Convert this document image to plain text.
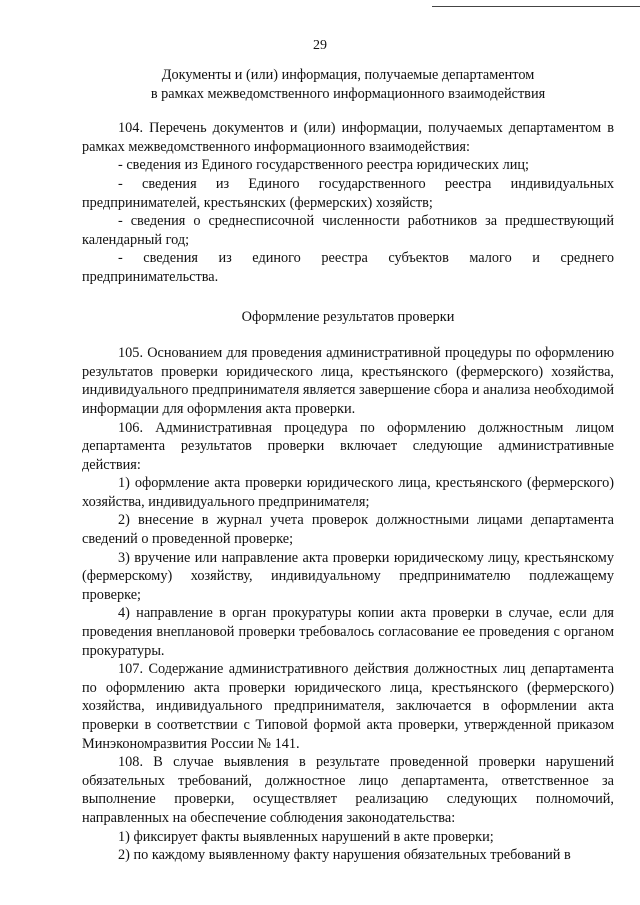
29
Документы и (или) информация, получаемые департаментом
в рамках межведомственного информационного взаимодействия

104. Перечень документов и (или) информации, получаемых департаментом в рамках межведомственного информационного взаимодействия:

- сведения из Единого государственного реестра юридических лиц;

- сведения из Единого государственного реестра индивидуальных предпринимателей, крестьянских (фермерских) хозяйств;

- сведения о среднесписочной численности работников за предшествующий календарный год;

- сведения из единого реестра субъектов малого и среднего предпринимательства.

Оформление результатов проверки

105. Основанием для проведения административной процедуры по оформлению результатов проверки юридического лица, крестьянского (фермерского) хозяйства, индивидуального предпринимателя является завершение сбора и анализа необходимой информации для оформления акта проверки.

106. Административная процедура по оформлению должностным лицом департамента результатов проверки включает следующие административные действия:

1) оформление акта проверки юридического лица, крестьянского (фермерского) хозяйства, индивидуального предпринимателя;

2) внесение в журнал учета проверок должностными лицами департамента сведений о проведенной проверке;

3) вручение или направление акта проверки юридическому лицу, крестьянскому (фермерскому) хозяйству, индивидуальному предпринимателю подлежащему проверке;

4) направление в орган прокуратуры копии акта проверки в случае, если для проведения внеплановой проверки требовалось согласование ее проведения с органом прокуратуры.

107. Содержание административного действия должностных лиц департамента по оформлению акта проверки юридического лица, крестьянского (фермерского) хозяйства, индивидуального предпринимателя, заключается в оформлении акта проверки в соответствии с Типовой формой акта проверки, утвержденной приказом Минэкономразвития России № 141.

108. В случае выявления в результате проведенной проверки нарушений обязательных требований, должностное лицо департамента, ответственное за выполнение проверки, осуществляет реализацию следующих полномочий, направленных на обеспечение соблюдения законодательства:

1) фиксирует факты выявленных нарушений в акте проверки;

2) по каждому выявленному факту нарушения обязательных требований в
